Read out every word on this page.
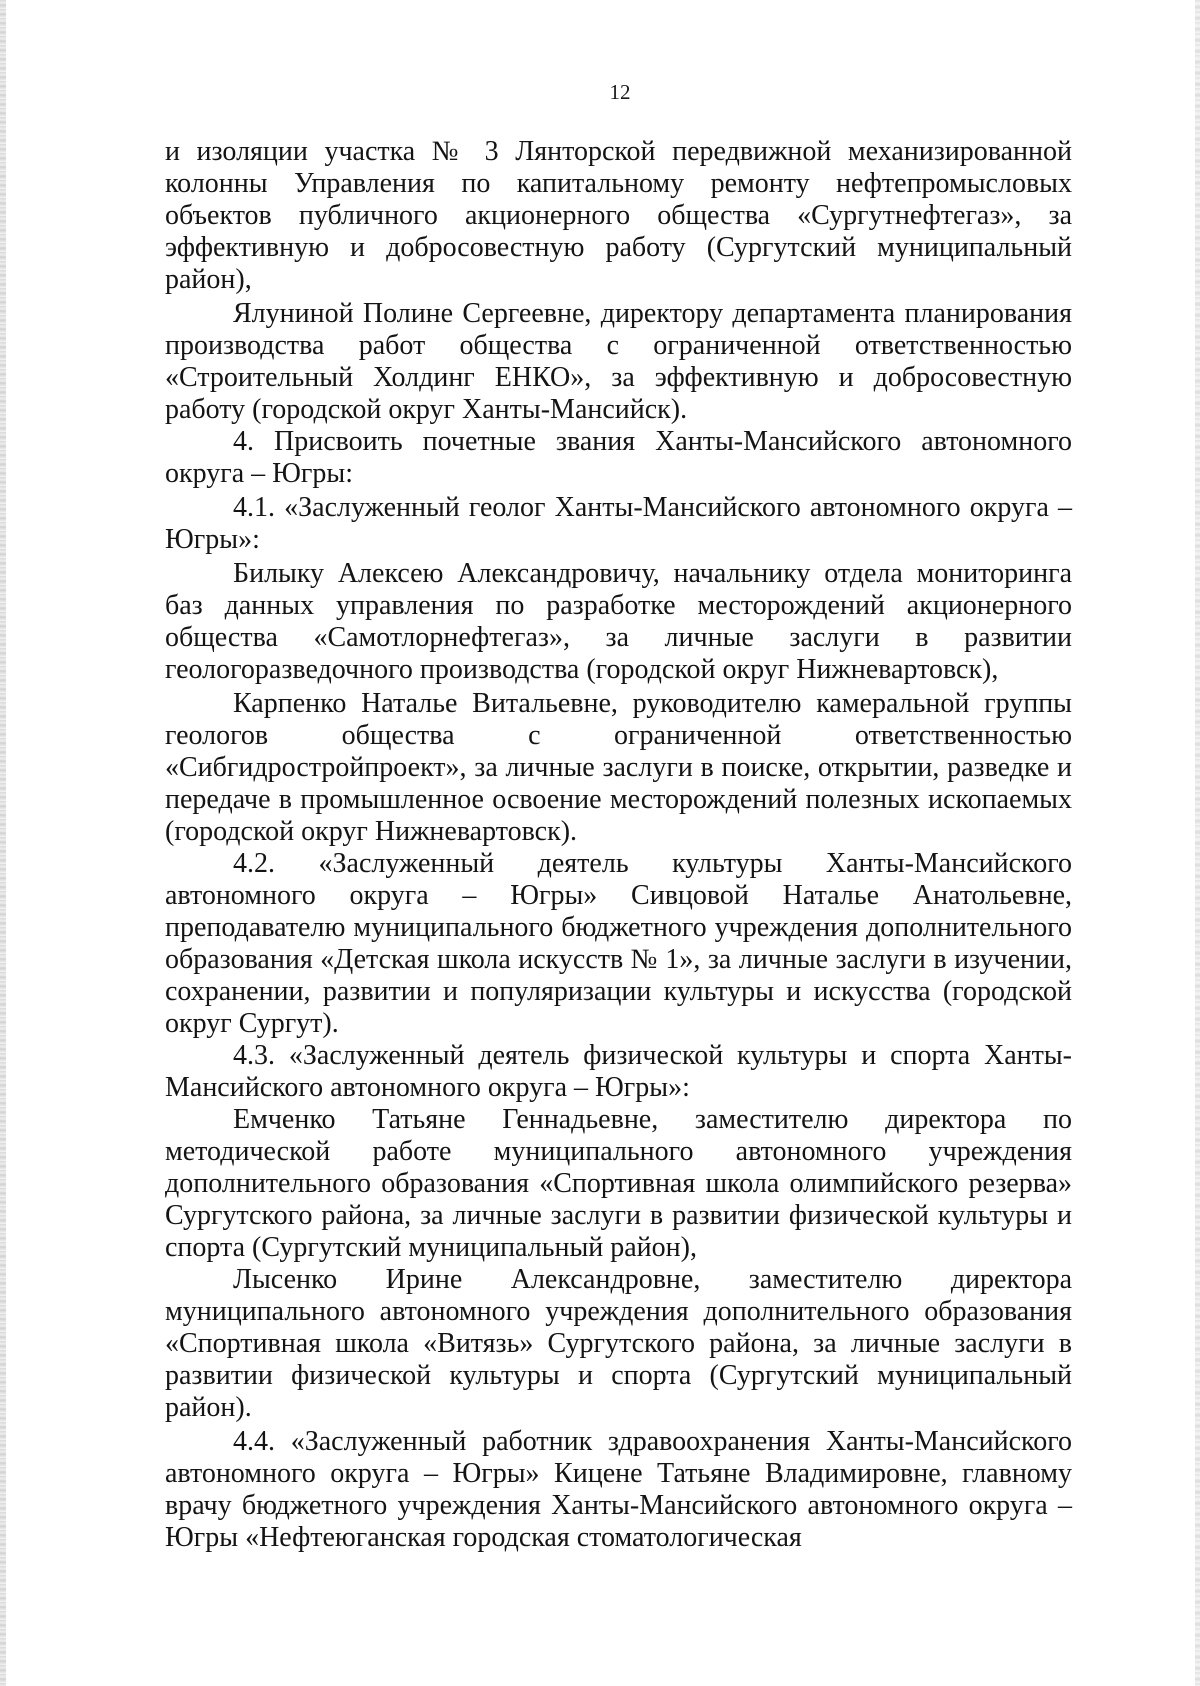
12

и изоляции участка № 3 Лянторской передвижной механизированной колонны Управления по капитальному ремонту нефтепромысловых объектов публичного акционерного общества «Сургутнефтегаз», за эффективную и добросовестную работу (Сургутский муниципальный район),

Ялуниной Полине Сергеевне, директору департамента планирования производства работ общества с ограниченной ответственностью «Строительный Холдинг ЕНКО», за эффективную и добросовестную работу (городской округ Ханты-Мансийск).

4. Присвоить почетные звания Ханты-Мансийского автономного округа – Югры:

4.1. «Заслуженный геолог Ханты-Мансийского автономного округа – Югры»:

Билыку Алексею Александровичу, начальнику отдела мониторинга баз данных управления по разработке месторождений акционерного общества «Самотлорнефтегаз», за личные заслуги в развитии геологоразведочного производства (городской округ Нижневартовск),

Карпенко Наталье Витальевне, руководителю камеральной группы геологов общества с ограниченной ответственностью «Сибгидростройпроект», за личные заслуги в поиске, открытии, разведке и передаче в промышленное освоение месторождений полезных ископаемых (городской округ Нижневартовск).

4.2. «Заслуженный деятель культуры Ханты-Мансийского автономного округа – Югры» Сивцовой Наталье Анатольевне, преподавателю муниципального бюджетного учреждения дополнительного образования «Детская школа искусств № 1», за личные заслуги в изучении, сохранении, развитии и популяризации культуры и искусства (городской округ Сургут).

4.3. «Заслуженный деятель физической культуры и спорта Ханты-Мансийского автономного округа – Югры»:

Емченко Татьяне Геннадьевне, заместителю директора по методической работе муниципального автономного учреждения дополнительного образования «Спортивная школа олимпийского резерва» Сургутского района, за личные заслуги в развитии физической культуры и спорта (Сургутский муниципальный район),

Лысенко Ирине Александровне, заместителю директора муниципального автономного учреждения дополнительного образования «Спортивная школа «Витязь» Сургутского района, за личные заслуги в развитии физической культуры и спорта (Сургутский муниципальный район).

4.4. «Заслуженный работник здравоохранения Ханты-Мансийского автономного округа – Югры» Кицене Татьяне Владимировне, главному врачу бюджетного учреждения Ханты-Мансийского автономного округа – Югры «Нефтеюганская городская стоматологическая
